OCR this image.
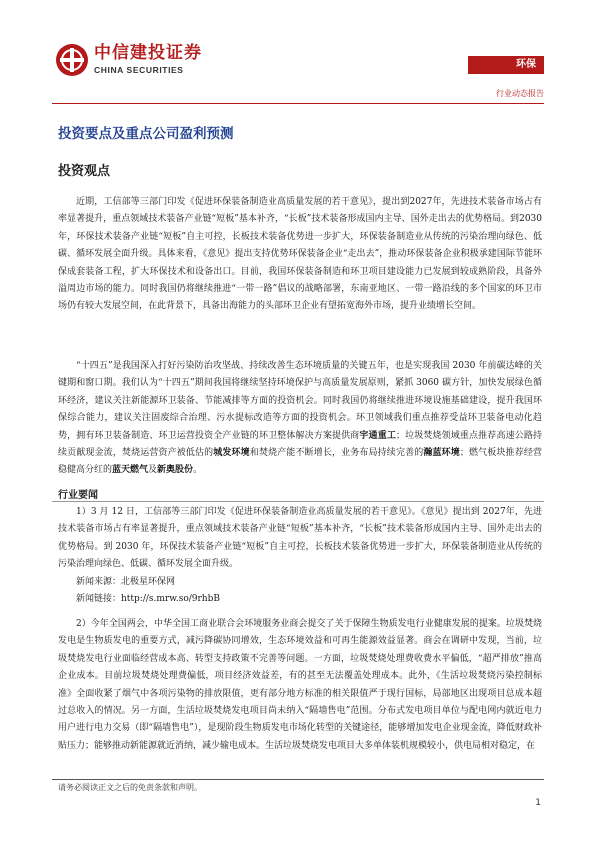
中信建投证券
CHINA SECURITIES
环保
行业动态报告
投资要点及重点公司盈利预测
投资观点

近期，工信部等三部门印发《促进环保装备制造业高质量发展的若干意见》，提出到2027年，先进技术装备市场占有率显著提升，重点领域技术装备产业链“短板”基本补齐，“长板”技术装备形成国内主导、国外走出去的优势格局。到2030年，环保技术装备产业链“短板”自主可控，长板技术装备优势进一步扩大，环保装备制造业从传统的污染治理向绿色、低碳、循环发展全面升级。具体来看，《意见》提出支持优势环保装备企业“走出去”，推动环保装备企业积极承建国际节能环保成套装备工程，扩大环保技术和设备出口。目前，我国环保装备制造和环卫项目建设能力已发展到较成熟阶段，具备外溢周边市场的能力。同时我国仍将继续推进“一带一路”倡议的战略部署，东南亚地区、一带一路沿线的多个国家的环卫市场仍有较大发展空间，在此背景下，具备出海能力的头部环卫企业有望拓宽海外市场，提升业绩增长空间。

“十四五”是我国深入打好污染防治攻坚战、持续改善生态环境质量的关键五年，也是实现我国 2030 年前碳达峰的关键期和窗口期。我们认为“十四五”期间我国将继续坚持环境保护与高质量发展原则，紧抓 3060 碳方针，加快发展绿色循环经济，建议关注新能源环卫装备、节能减排等方面的投资机会。同时我国仍将继续推进环境设施基础建设，提升我国环保综合能力，建议关注固废综合治理、污水提标改造等方面的投资机会。环卫领域我们重点推荐受益环卫装备电动化趋势，拥有环卫装备制造、环卫运营投资全产业链的环卫整体解决方案提供商宇通重工；垃圾焚烧领域重点推荐高速公路持续贡献现金流，焚烧运营资产被低估的城发环境和焚烧产能不断增长，业务布局持续完善的瀚蓝环境；燃气板块推荐经营稳健高分红的蓝天燃气及新奥股份。

行业要闻

1）3 月 12 日，工信部等三部门印发《促进环保装备制造业高质量发展的若干意见》。《意见》提出到 2027年，先进技术装备市场占有率显著提升，重点领域技术装备产业链“短板”基本补齐，“长板”技术装备形成国内主导、国外走出去的优势格局。到 2030 年，环保技术装备产业链“短板”自主可控，长板技术装备优势进一步扩大，环保装备制造业从传统的污染治理向绿色、低碳、循环发展全面升级。

新闻来源：北极星环保网

新闻链接：http://s.mrw.so/9rhbB

2）今年全国两会，中华全国工商业联合会环境服务业商会提交了关于保障生物质发电行业健康发展的提案。垃圾焚烧发电是生物质发电的重要方式，减污降碳协同增效，生态环境效益和可再生能源效益显著。商会在调研中发现，当前，垃圾焚烧发电行业面临经营成本高、转型支持政策不完善等问题。一方面，垃圾焚烧处理费收费水平偏低，“超严排放”推高企业成本。目前垃圾焚烧处理费偏低，项目经济效益差，有的甚至无法覆盖处理成本。此外，《生活垃圾焚烧污染控制标准》全面收紧了烟气中各项污染物的排放限值，更有部分地方标准的相关限值严于现行国标，局部地区出现项目总成本超过总收入的情况。另一方面，生活垃圾焚烧发电项目尚未纳入“隔墙售电”范围。分布式发电项目单位与配电网内就近电力用户进行电力交易（即“隔墙售电”），是现阶段生物质发电市场化转型的关键途径，能够增加发电企业现金流，降低财政补贴压力；能够推动新能源就近消纳，减少输电成本。生活垃圾焚烧发电项目大多单体装机规模较小，供电局相对稳定，在

请务必阅读正文之后的免责条款和声明。
1
